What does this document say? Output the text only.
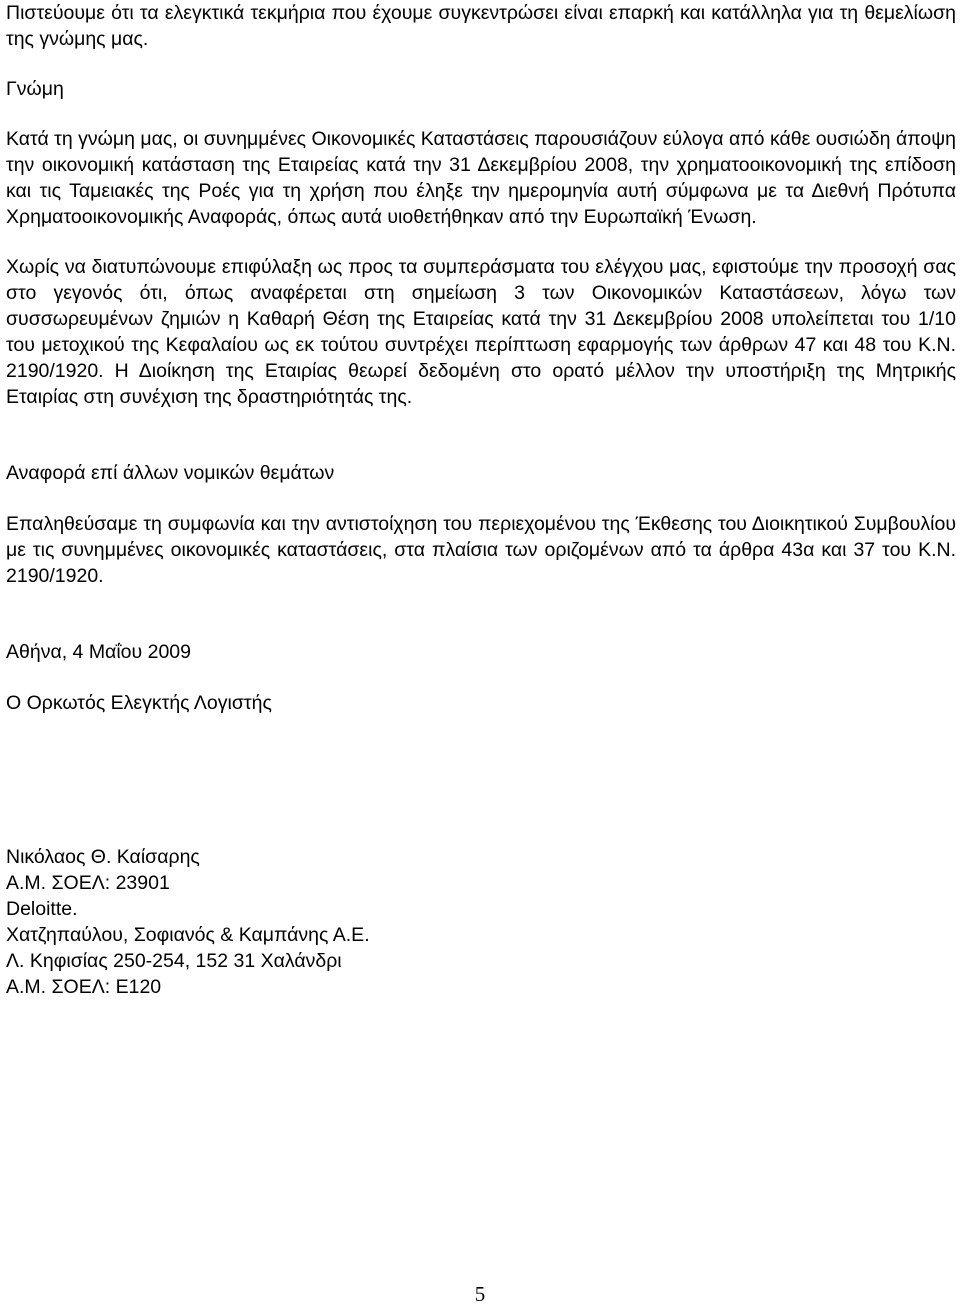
Πιστεύουμε ότι τα ελεγκτικά τεκμήρια που έχουμε συγκεντρώσει είναι επαρκή και κατάλληλα για τη θεμελίωση της γνώμης μας.

Γνώμη

Κατά τη γνώμη μας, οι συνημμένες Οικονομικές Καταστάσεις παρουσιάζουν εύλογα από κάθε ουσιώδη άποψη την οικονομική κατάσταση της Εταιρείας κατά την 31 Δεκεμβρίου 2008, την χρηματοοικονομική της επίδοση και τις Ταμειακές της Ροές για τη χρήση που έληξε την ημερομηνία αυτή σύμφωνα με τα Διεθνή Πρότυπα Χρηματοοικονομικής Αναφοράς, όπως αυτά υιοθετήθηκαν από την Ευρωπαϊκή Ένωση.

Χωρίς να διατυπώνουμε επιφύλαξη ως προς τα συμπεράσματα του ελέγχου μας, εφιστούμε την προσοχή σας στο γεγονός ότι, όπως αναφέρεται στη σημείωση 3 των Οικονομικών Καταστάσεων, λόγω των συσσωρευμένων ζημιών η Καθαρή Θέση της Εταιρείας κατά την 31 Δεκεμβρίου 2008 υπολείπεται του 1/10 του μετοχικού της Κεφαλαίου ως εκ τούτου συντρέχει περίπτωση εφαρμογής των άρθρων 47 και 48 του Κ.Ν. 2190/1920. Η Διοίκηση της Εταιρίας θεωρεί δεδομένη στο ορατό μέλλον την υποστήριξη της Μητρικής Εταιρίας στη συνέχιση της δραστηριότητάς της.

Αναφορά επί άλλων νομικών θεμάτων

Επαληθεύσαμε τη συμφωνία και την αντιστοίχηση του περιεχομένου της Έκθεσης του Διοικητικού Συμβουλίου με τις συνημμένες οικονομικές καταστάσεις, στα πλαίσια των οριζομένων από τα άρθρα 43α και 37 του Κ.Ν. 2190/1920.

Αθήνα, 4 Μαΐου 2009

Ο Ορκωτός Ελεγκτής Λογιστής

Νικόλαος Θ. Καίσαρης

Α.Μ. ΣΟΕΛ: 23901

Deloitte.

Χατζηπαύλου, Σοφιανός & Καμπάνης Α.Ε.

Λ. Κηφισίας 250-254, 152 31 Χαλάνδρι

Α.Μ. ΣΟΕΛ: Ε120

5
